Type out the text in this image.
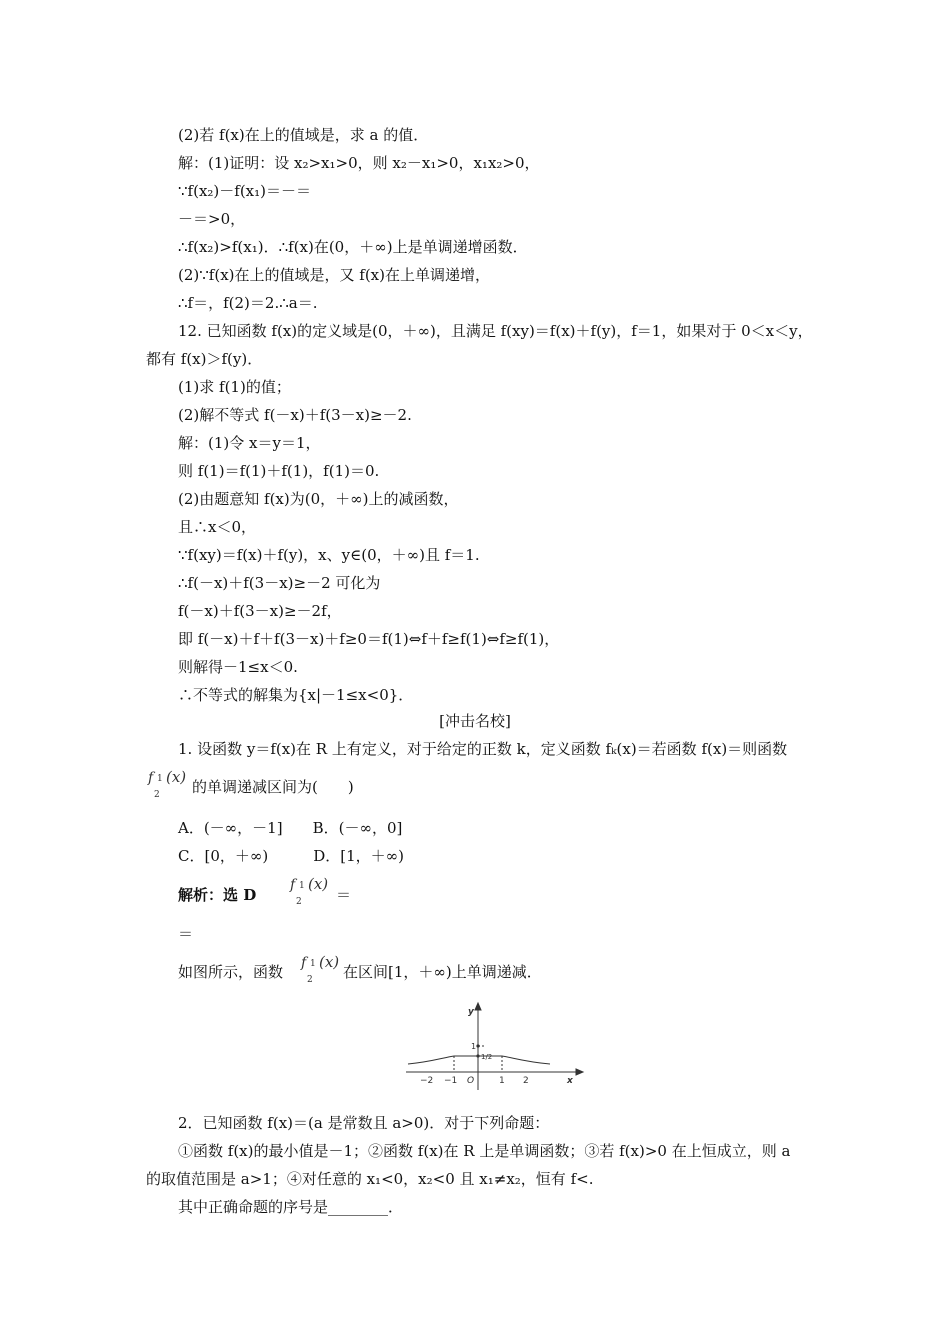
(2)若 f(x)在上的值域是，求 a 的值．
解：(1)证明：设 x₂>x₁>0，则 x₂－x₁>0，x₁x₂>0，
∵f(x₂)－f(x₁)＝－＝
－＝>0，
∴f(x₂)>f(x₁)．∴f(x)在(0，＋∞)上是单调递增函数．
(2)∵f(x)在上的值域是，又 f(x)在上单调递增，
∴f＝，f(2)＝2.∴a＝.
12. 已知函数 f(x)的定义域是(0，＋∞)，且满足 f(xy)＝f(x)＋f(y)，f＝1，如果对于 0＜x＜y，
都有 f(x)＞f(y)．
(1)求 f(1)的值；
(2)解不等式 f(－x)＋f(3－x)≥－2.
解：(1)令 x＝y＝1，
则 f(1)＝f(1)＋f(1)，f(1)＝0.
(2)由题意知 f(x)为(0，＋∞)上的减函数，
且∴x＜0，
∵f(xy)＝f(x)＋f(y)，x、y∈(0，＋∞)且 f＝1.
∴f(－x)＋f(3－x)≥－2 可化为
f(－x)＋f(3－x)≥－2f，
即 f(－x)＋f＋f(3－x)＋f≥0＝f(1)⇔f＋f≥f(1)⇔f≥f(1)，
则解得－1≤x＜0.
∴不等式的解集为{x|－1≤x<0}．
[冲击名校]
1. 设函数 y＝f(x)在 R 上有定义，对于给定的正数 k，定义函数 fₖ(x)＝若函数 f(x)＝则函数
f 1 (x)
2 的单调递减区间为(　　)
A．(－∞，－1]　　B．(－∞，0]
C．[0，＋∞)　　　D．[1，＋∞)
解析：选 D
f 1 (x)
2 ＝
＝
如图所示，函数 f 1 (x)
2 在区间[1，＋∞)上单调递减．
y
x
O
−2 −1	1 2
1
1/2
2．已知函数 f(x)＝(a 是常数且 a>0)．对于下列命题：
①函数 f(x)的最小值是－1；②函数 f(x)在 R 上是单调函数；③若 f(x)>0 在上恒成立，则 a
的取值范围是 a>1；④对任意的 x₁<0，x₂<0 且 x₁≠x₂，恒有 f<.
其中正确命题的序号是________．
